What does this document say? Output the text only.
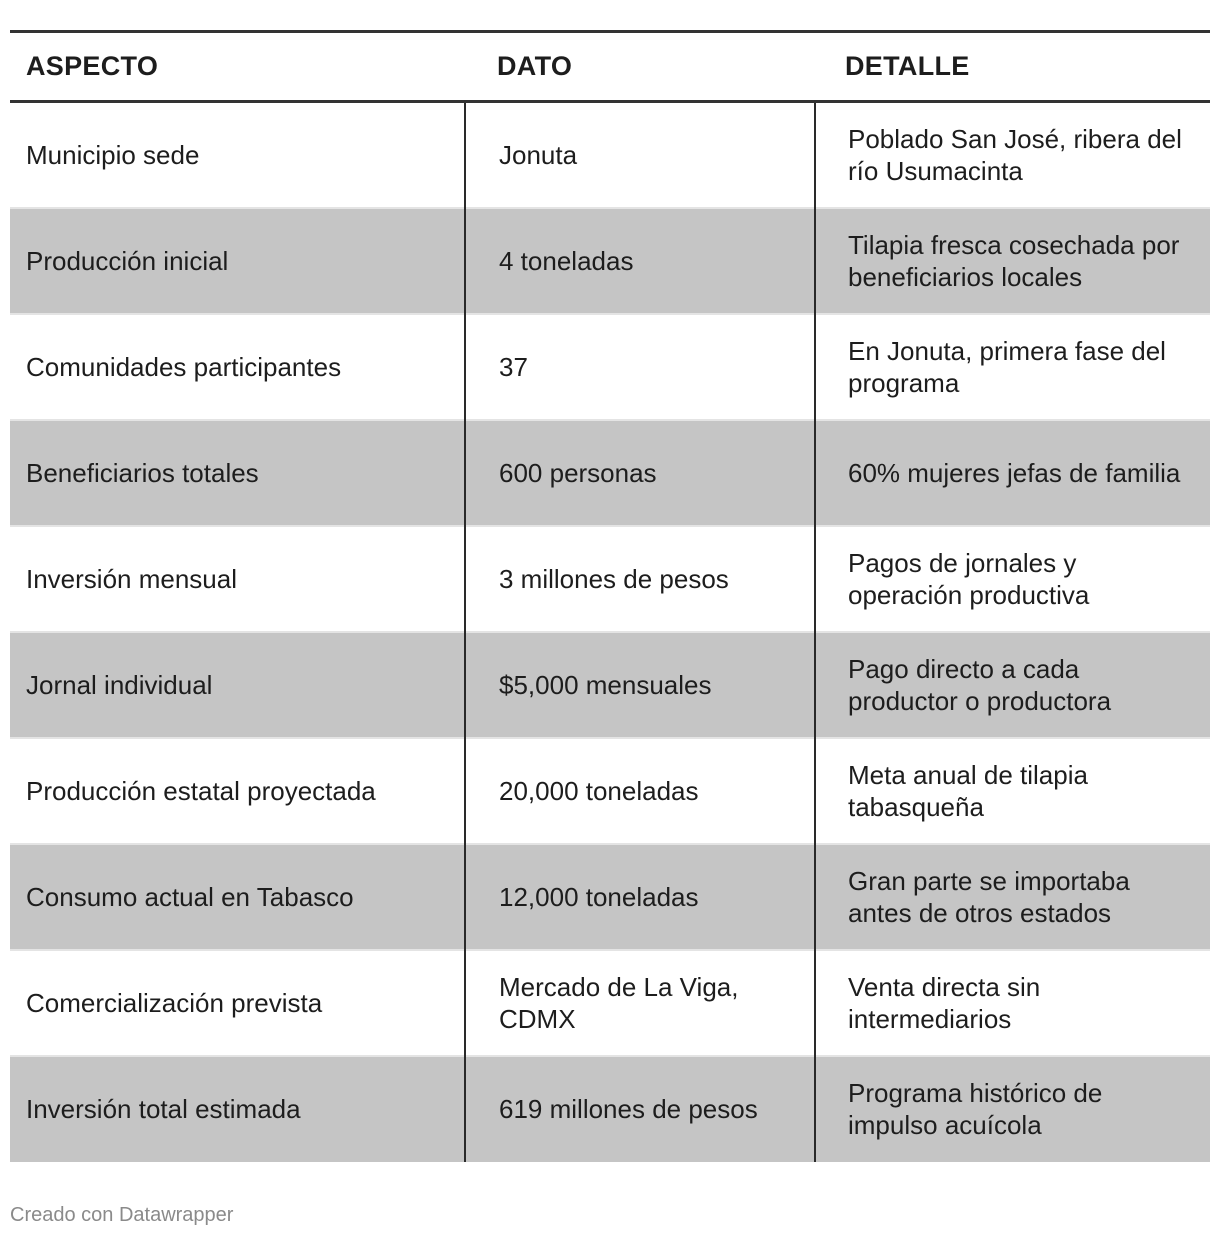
ASPECTO	DATO	DETALLE
Municipio sede	Jonuta	Poblado San José, ribera del río Usumacinta
Producción inicial	4 toneladas	Tilapia fresca cosechada por beneficiarios locales
Comunidades participantes	37	En Jonuta, primera fase del programa
Beneficiarios totales	600 personas	60% mujeres jefas de familia
Inversión mensual	3 millones de pesos	Pagos de jornales y operación productiva
Jornal individual	$5,000 mensuales	Pago directo a cada productor o productora
Producción estatal proyectada	20,000 toneladas	Meta anual de tilapia tabasqueña
Consumo actual en Tabasco	12,000 toneladas	Gran parte se importaba antes de otros estados
Comercialización prevista	Mercado de La Viga, CDMX	Venta directa sin intermediarios
Inversión total estimada	619 millones de pesos	Programa histórico de impulso acuícola
Creado con Datawrapper
